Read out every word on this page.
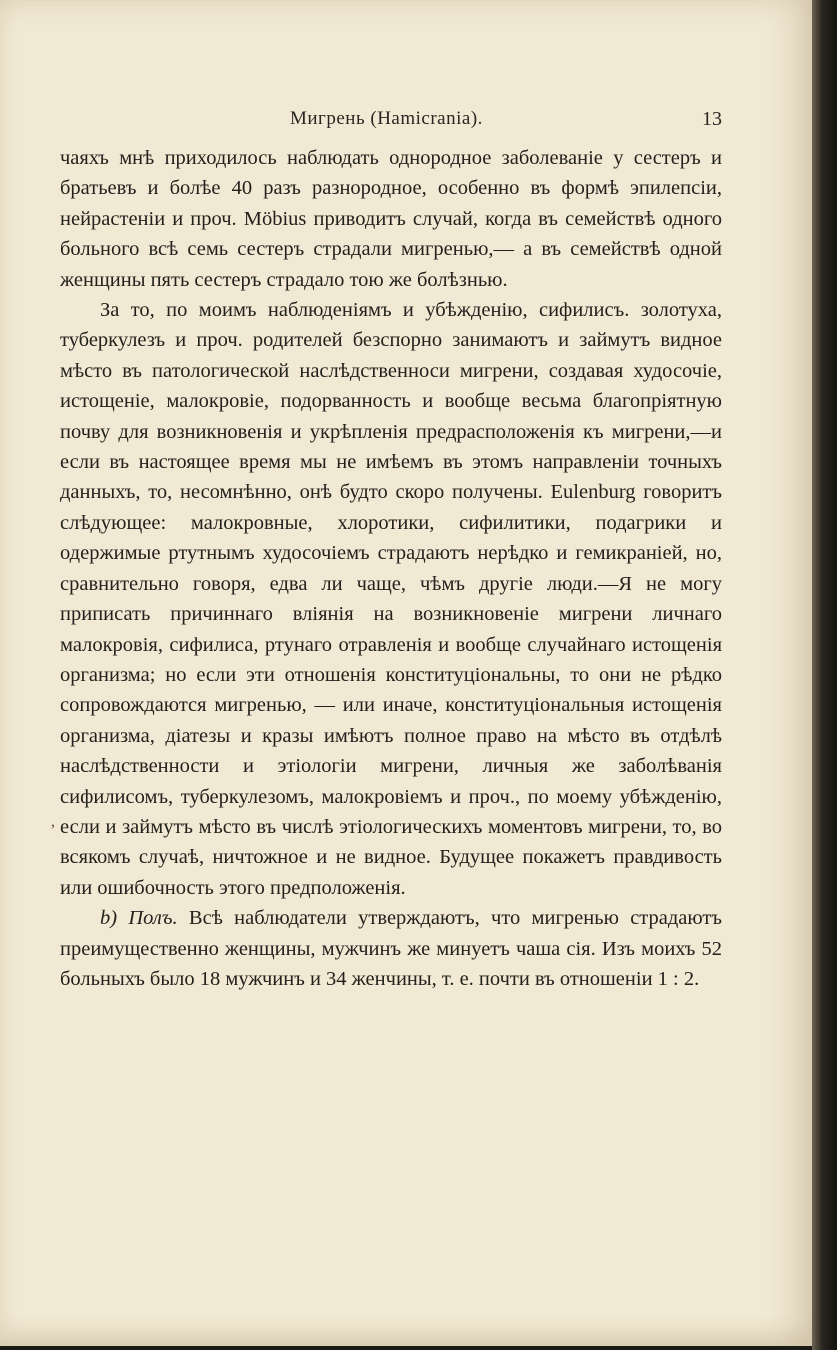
Мигрень (Hamicrania).	13

чаяхъ мнѣ приходилось наблюдать однородное заболеваніе у сестеръ и братьевъ и болѣе 40 разъ разнородное, особенно въ формѣ эпилепсіи, нейрастеніи и проч. Möbius приводитъ случай, когда въ семействѣ одного больного всѣ семь сестеръ страдали мигренью,— а въ семействѣ одной женщины пять сестеръ страдало тою же болѣзнью.

За то, по моимъ наблюденіямъ и убѣжденію, сифилисъ. золотуха, туберкулезъ и проч. родителей безспорно занимаютъ и займутъ видное мѣсто въ патологической наслѣдственноси мигрени, создавая худосочіе, истощеніе, малокровіе, подорванность и вообще весьма благопріятную почву для возникновенія и укрѣпленія предрасположенія къ мигрени,—и если въ настоящее время мы не имѣемъ въ этомъ направленіи точныхъ данныхъ, то, несомнѣнно, онѣ будто скоро получены. Eulenburg говоритъ слѣдующее: малокровные, хлоротики, сифилитики, подагрики и одержимые ртутнымъ худосочіемъ страдаютъ нерѣдко и гемикраніей, но, сравнительно говоря, едва ли чаще, чѣмъ другіе люди.—Я не могу приписать причиннаго вліянія на возникновеніе мигрени личнаго малокровія, сифилиса, ртунаго отравленія и вообще случайнаго истощенія организма; но если эти отношенія конституціональны, то они не рѣдко сопровождаются мигренью, — или иначе, конституціональныя истощенія организма, діатезы и кразы имѣютъ полное право на мѣсто въ отдѣлѣ наслѣдственности и этіологіи мигрени, личныя же заболѣванія сифилисомъ, туберкулезомъ, малокровіемъ и проч., по моему убѣжденію, если и займутъ мѣсто въ числѣ этіологическихъ моментовъ мигрени, то, во всякомъ случаѣ, ничтожное и не видное. Будущее покажетъ правдивость или ошибочность этого предположенія.

b) Полъ. Всѣ наблюдатели утверждаютъ, что мигренью страдаютъ преимущественно женщины, мужчинъ же минуетъ чаша сія. Изъ моихъ 52 больныхъ было 18 мужчинъ и 34 женчины, т. е. почти въ отношеніи 1 : 2.

,
